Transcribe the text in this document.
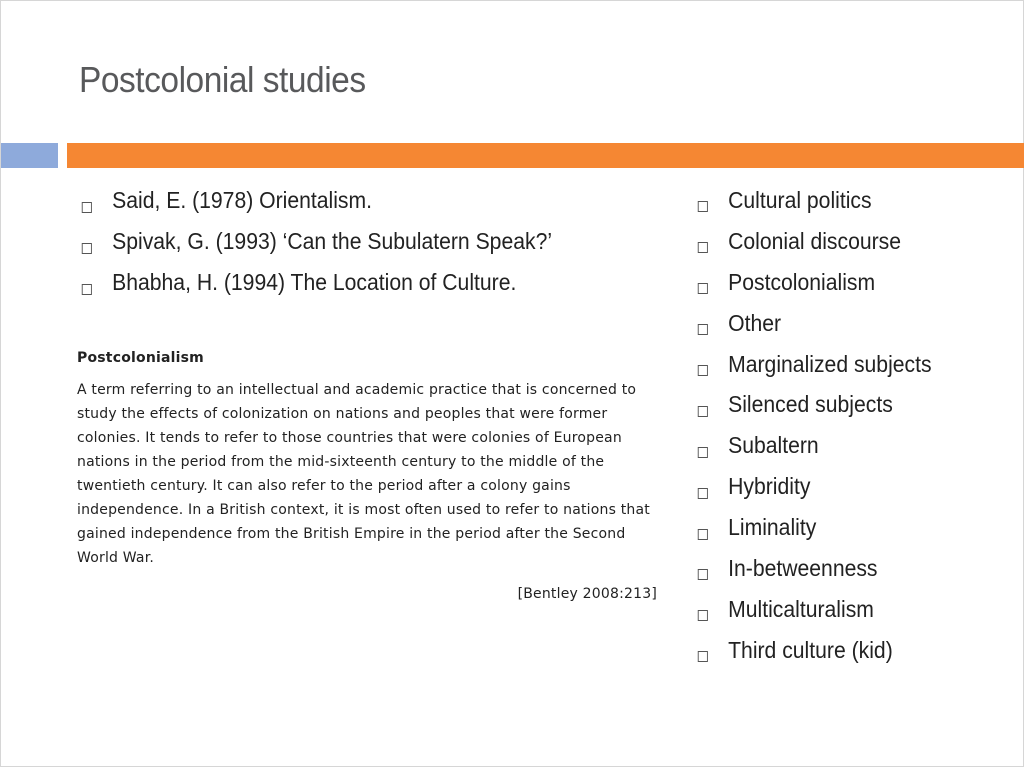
Postcolonial studies
Said, E. (1978) Orientalism.
Spivak, G. (1993) ‘Can the Subulatern Speak?’
Bhabha, H. (1994) The Location of Culture.

Postcolonialism

A term referring to an intellectual and academic practice that is concerned to study the effects of colonization on nations and peoples that were former colonies. It tends to refer to those countries that were colonies of European nations in the period from the mid-sixteenth century to the middle of the twentieth century. It can also refer to the period after a colony gains independence. In a British context, it is most often used to refer to nations that gained independence from the British Empire in the period after the Second World War.

[Bentley 2008:213]
Cultural politics
Colonial discourse
Postcolonialism
Other
Marginalized subjects
Silenced subjects
Subaltern
Hybridity
Liminality
In-betweenness
Multicalturalism
Third culture (kid)
